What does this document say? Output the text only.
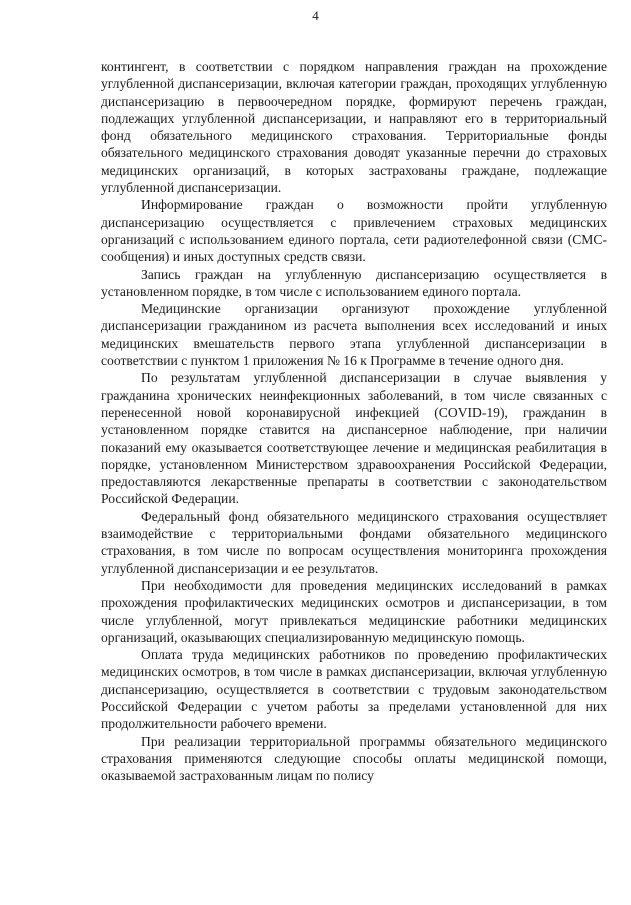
4

контингент, в соответствии с порядком направления граждан на прохождение углубленной диспансеризации, включая категории граждан, проходящих углубленную диспансеризацию в первоочередном порядке, формируют перечень граждан, подлежащих углубленной диспансеризации, и направляют его в территориальный фонд обязательного медицинского страхования. Территориальные фонды обязательного медицинского страхования доводят указанные перечни до страховых медицинских организаций, в которых застрахованы граждане, подлежащие углубленной диспансеризации.

Информирование граждан о возможности пройти углубленную диспансеризацию осуществляется с привлечением страховых медицинских организаций с использованием единого портала, сети радиотелефонной связи (СМС-сообщения) и иных доступных средств связи.

Запись граждан на углубленную диспансеризацию осуществляется в установленном порядке, в том числе с использованием единого портала.

Медицинские организации организуют прохождение углубленной диспансеризации гражданином из расчета выполнения всех исследований и иных медицинских вмешательств первого этапа углубленной диспансеризации в соответствии с пунктом 1 приложения № 16 к Программе в течение одного дня.

По результатам углубленной диспансеризации в случае выявления у гражданина хронических неинфекционных заболеваний, в том числе связанных с перенесенной новой коронавирусной инфекцией (COVID-19), гражданин в установленном порядке ставится на диспансерное наблюдение, при наличии показаний ему оказывается соответствующее лечение и медицинская реабилитация в порядке, установленном Министерством здравоохранения Российской Федерации, предоставляются лекарственные препараты в соответствии с законодательством Российской Федерации.

Федеральный фонд обязательного медицинского страхования осуществляет взаимодействие с территориальными фондами обязательного медицинского страхования, в том числе по вопросам осуществления мониторинга прохождения углубленной диспансеризации и ее результатов.

При необходимости для проведения медицинских исследований в рамках прохождения профилактических медицинских осмотров и диспансеризации, в том числе углубленной, могут привлекаться медицинские работники медицинских организаций, оказывающих специализированную медицинскую помощь.

Оплата труда медицинских работников по проведению профилактических медицинских осмотров, в том числе в рамках диспансеризации, включая углубленную диспансеризацию, осуществляется в соответствии с трудовым законодательством Российской Федерации с учетом работы за пределами установленной для них продолжительности рабочего времени.

При реализации территориальной программы обязательного медицинского страхования применяются следующие способы оплаты медицинской помощи, оказываемой застрахованным лицам по полису
